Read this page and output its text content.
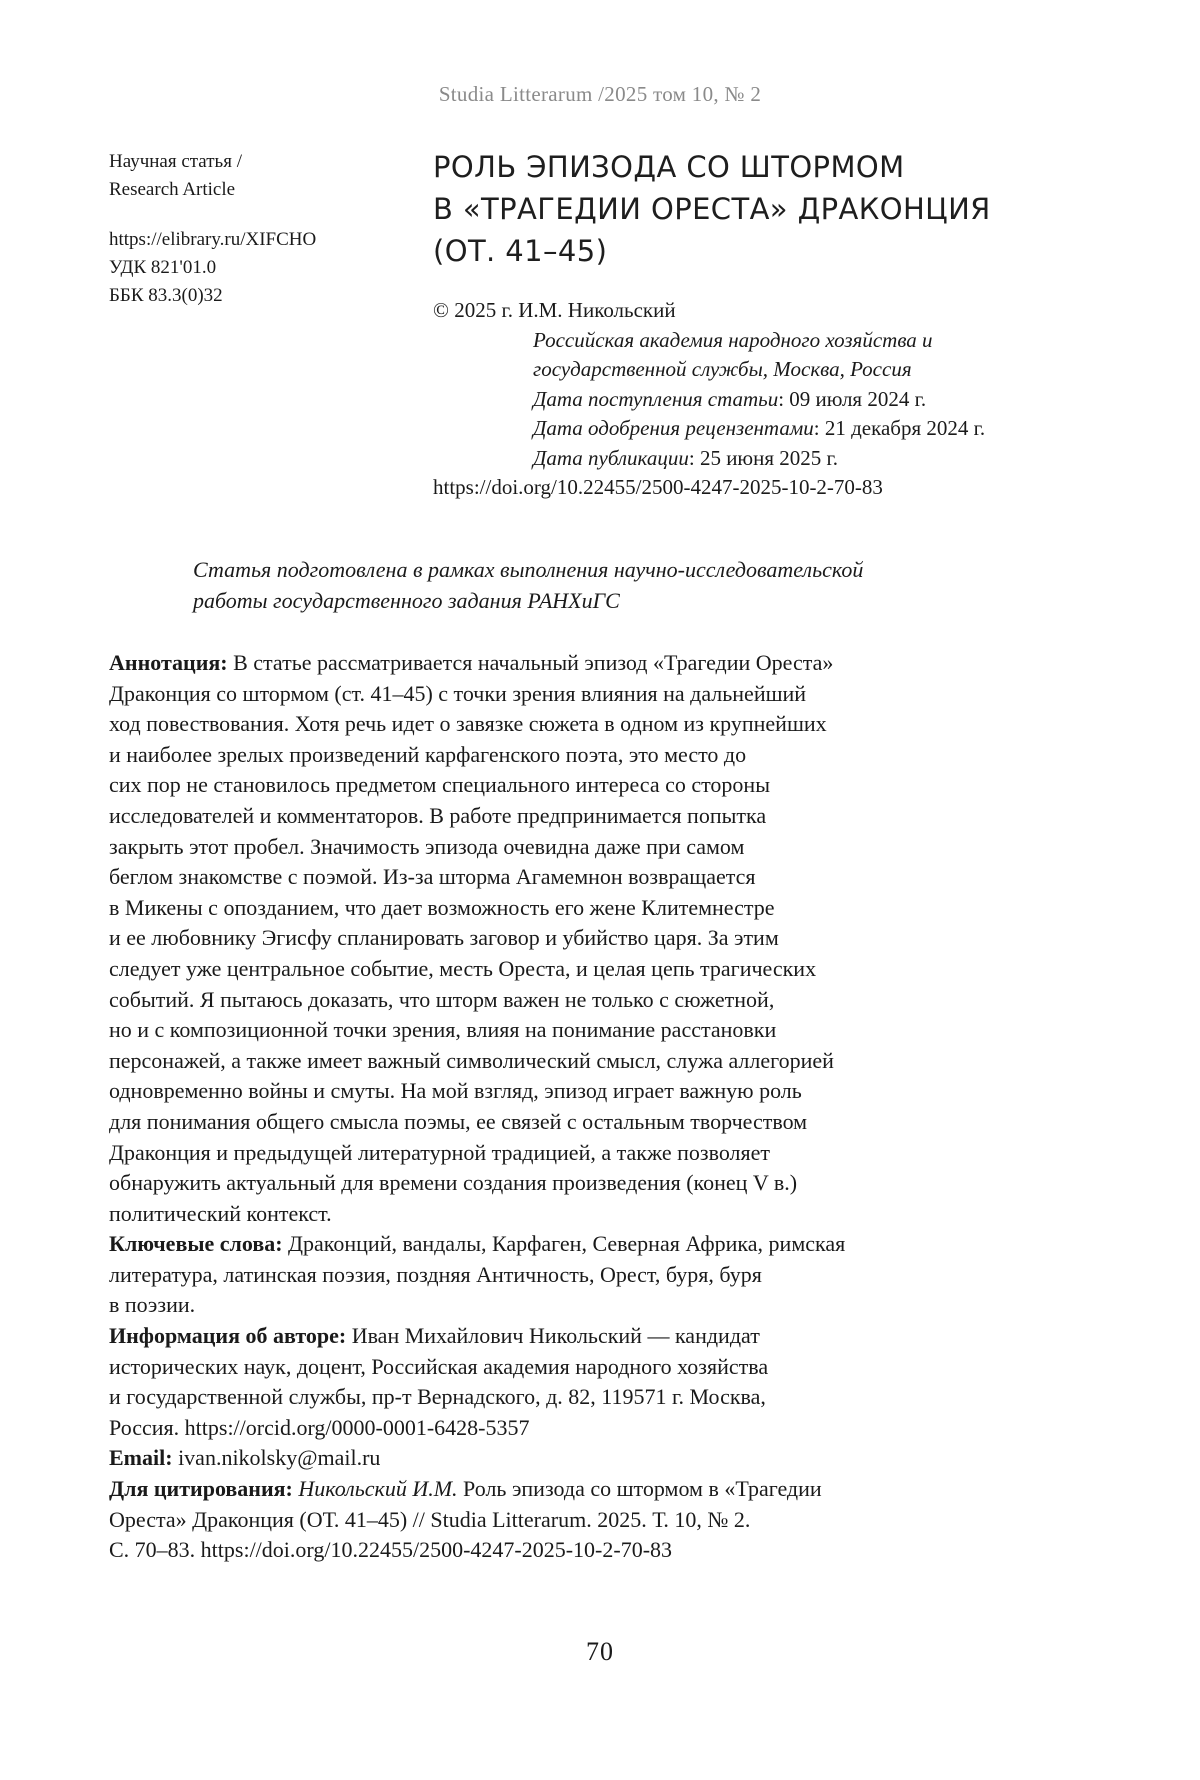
Studia Litterarum /2025 том 10, № 2
Научная статья /
Research Article
https://elibrary.ru/XIFCHO
УДК 821'01.0
ББК 83.3(0)32
РОЛЬ ЭПИЗОДА СО ШТОРМОМ
В «ТРАГЕДИИ ОРЕСТА» ДРАКОНЦИЯ
(ОТ. 41–45)
© 2025 г. И.М. Никольский
Российская академия народного хозяйства и
государственной службы, Москва, Россия
Дата поступления статьи: 09 июля 2024 г.
Дата одобрения рецензентами: 21 декабря 2024 г.
Дата публикации: 25 июня 2025 г.
https://doi.org/10.22455/2500-4247-2025-10-2-70-83
Статья подготовлена в рамках выполнения научно-исследовательской
работы государственного задания РАНХиГС
Аннотация: В статье рассматривается начальный эпизод «Трагедии Ореста»
Драконция со штормом (ст. 41–45) с точки зрения влияния на дальнейший
ход повествования. Хотя речь идет о завязке сюжета в одном из крупнейших
и наиболее зрелых произведений карфагенского поэта, это место до
сих пор не становилось предметом специального интереса со стороны
исследователей и комментаторов. В работе предпринимается попытка
закрыть этот пробел. Значимость эпизода очевидна даже при самом
беглом знакомстве с поэмой. Из-за шторма Агамемнон возвращается
в Микены с опозданием, что дает возможность его жене Клитемнестре
и ее любовнику Эгисфу спланировать заговор и убийство царя. За этим
следует уже центральное событие, месть Ореста, и целая цепь трагических
событий. Я пытаюсь доказать, что шторм важен не только с сюжетной,
но и с композиционной точки зрения, влияя на понимание расстановки
персонажей, а также имеет важный символический смысл, служа аллегорией
одновременно войны и смуты. На мой взгляд, эпизод играет важную роль
для понимания общего смысла поэмы, ее связей с остальным творчеством
Драконция и предыдущей литературной традицией, а также позволяет
обнаружить актуальный для времени создания произведения (конец V в.)
политический контекст.
Ключевые слова: Драконций, вандалы, Карфаген, Северная Африка, римская
литература, латинская поэзия, поздняя Античность, Орест, буря, буря
в поэзии.
Информация об авторе: Иван Михайлович Никольский — кандидат
исторических наук, доцент, Российская академия народного хозяйства
и государственной службы, пр-т Вернадского, д. 82, 119571 г. Москва,
Россия. https://orcid.org/0000-0001-6428-5357
Email: ivan.nikolsky@mail.ru
Для цитирования: Никольский И.М. Роль эпизода со штормом в «Трагедии
Ореста» Драконция (ОТ. 41–45) // Studia Litterarum. 2025. Т. 10, № 2.
С. 70–83. https://doi.org/10.22455/2500-4247-2025-10-2-70-83
70
